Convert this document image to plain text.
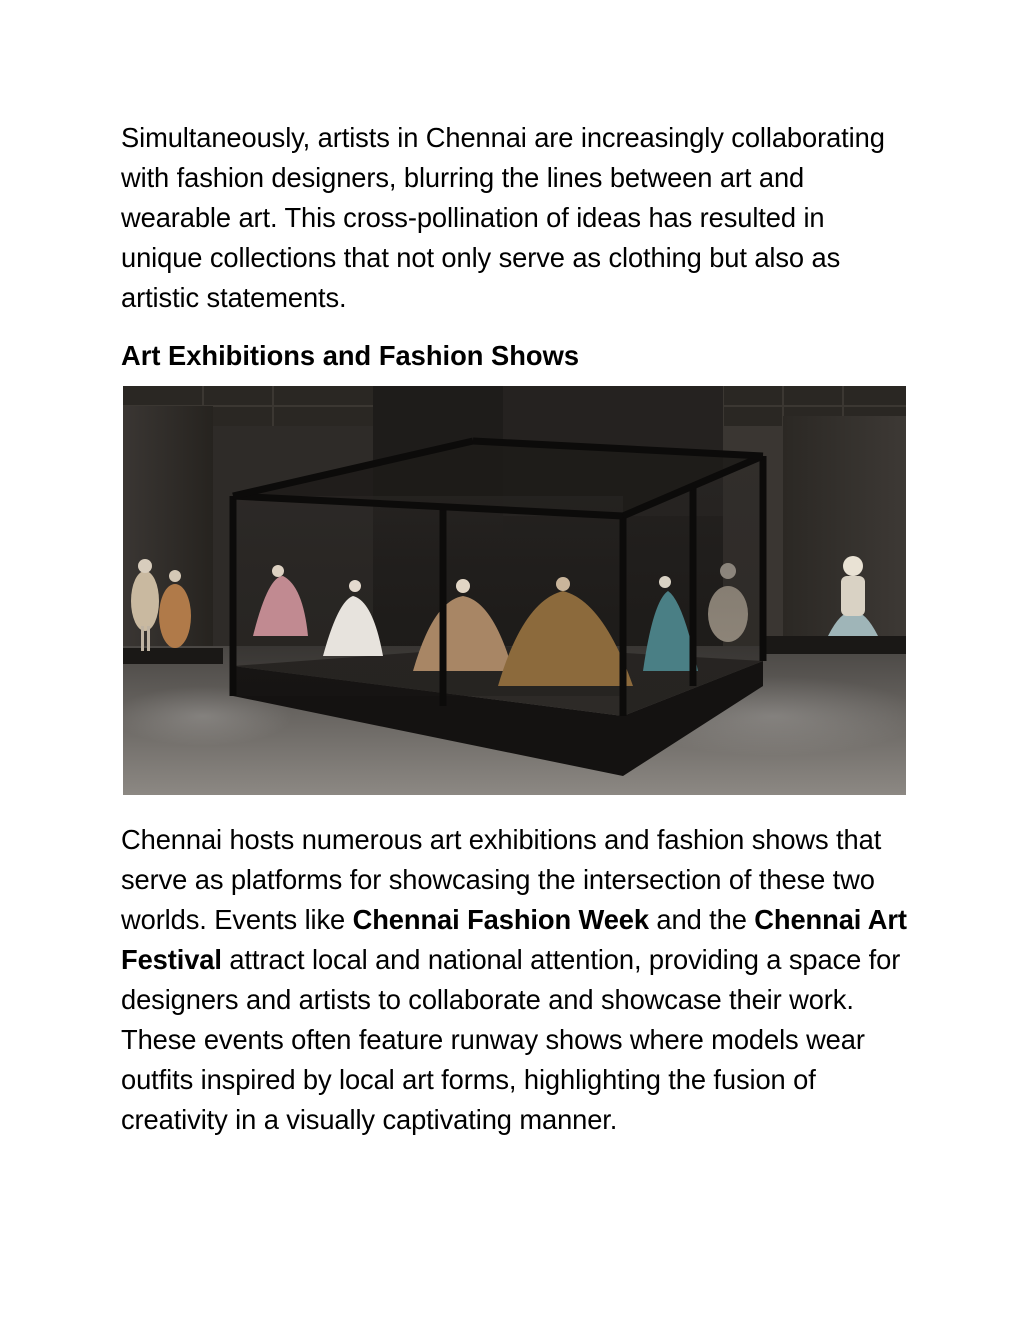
Simultaneously, artists in Chennai are increasingly collaborating with fashion designers, blurring the lines between art and wearable art. This cross-pollination of ideas has resulted in unique collections that not only serve as clothing but also as artistic statements.

Art Exhibitions and Fashion Shows

Chennai hosts numerous art exhibitions and fashion shows that serve as platforms for showcasing the intersection of these two worlds. Events like Chennai Fashion Week and the Chennai Art Festival attract local and national attention, providing a space for designers and artists to collaborate and showcase their work. These events often feature runway shows where models wear outfits inspired by local art forms, highlighting the fusion of creativity in a visually captivating manner.
